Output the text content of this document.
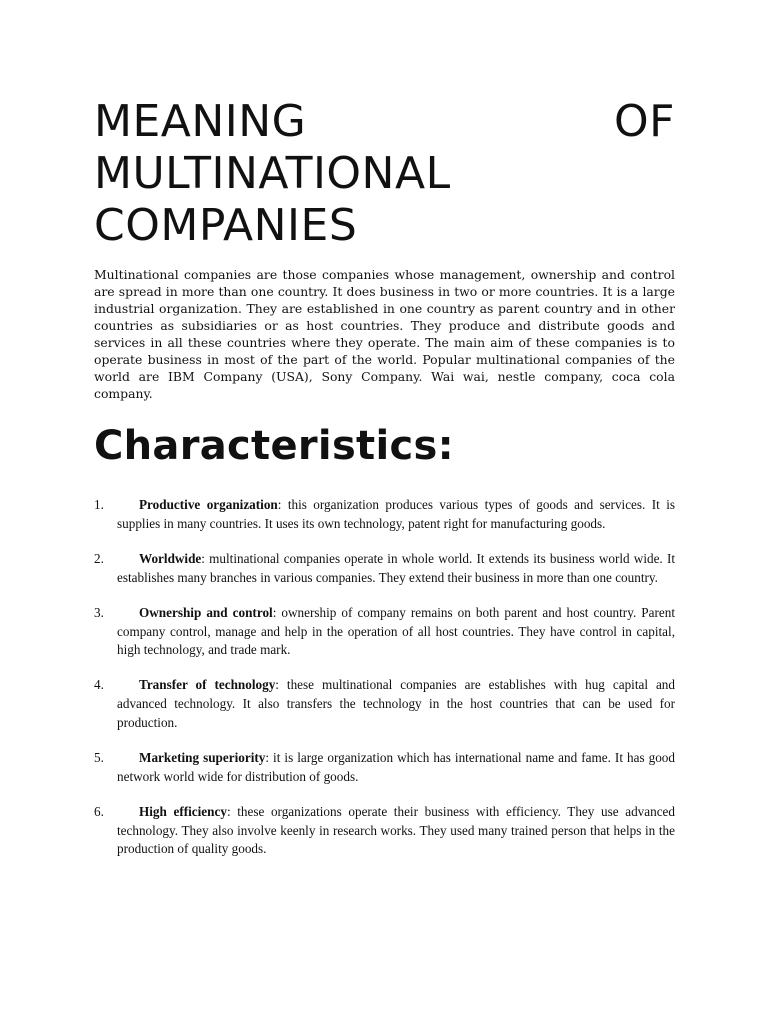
MEANING	OF
MULTINATIONAL
COMPANIES

Multinational companies are those companies whose management, ownership and control are spread in more than one country. It does business in two or more countries. It is a large industrial organization. They are established in one country as parent country and in other countries as subsidiaries or as host countries. They produce and distribute goods and services in all these countries where they operate. The main aim of these companies is to operate business in most of the part of the world. Popular multinational companies of the world are IBM Company (USA), Sony Company. Wai wai, nestle company, coca cola company.

Characteristics:
1.	Productive organization: this organization produces various types of goods and services. It is supplies in many countries. It uses its own technology, patent right for manufacturing goods.
2.	Worldwide: multinational companies operate in whole world. It extends its business world wide. It establishes many branches in various companies. They extend their business in more than one country.
3.	Ownership and control: ownership of company remains on both parent and host country. Parent company control, manage and help in the operation of all host countries. They have control in capital, high technology, and trade mark.
4.	Transfer of technology: these multinational companies are establishes with hug capital and advanced technology. It also transfers the technology in the host countries that can be used for production.
5.	Marketing superiority: it is large organization which has international name and fame. It has good network world wide for distribution of goods.
6.	High efficiency: these organizations operate their business with efficiency. They use advanced technology. They also involve keenly in research works. They used many trained person that helps in the production of quality goods.
